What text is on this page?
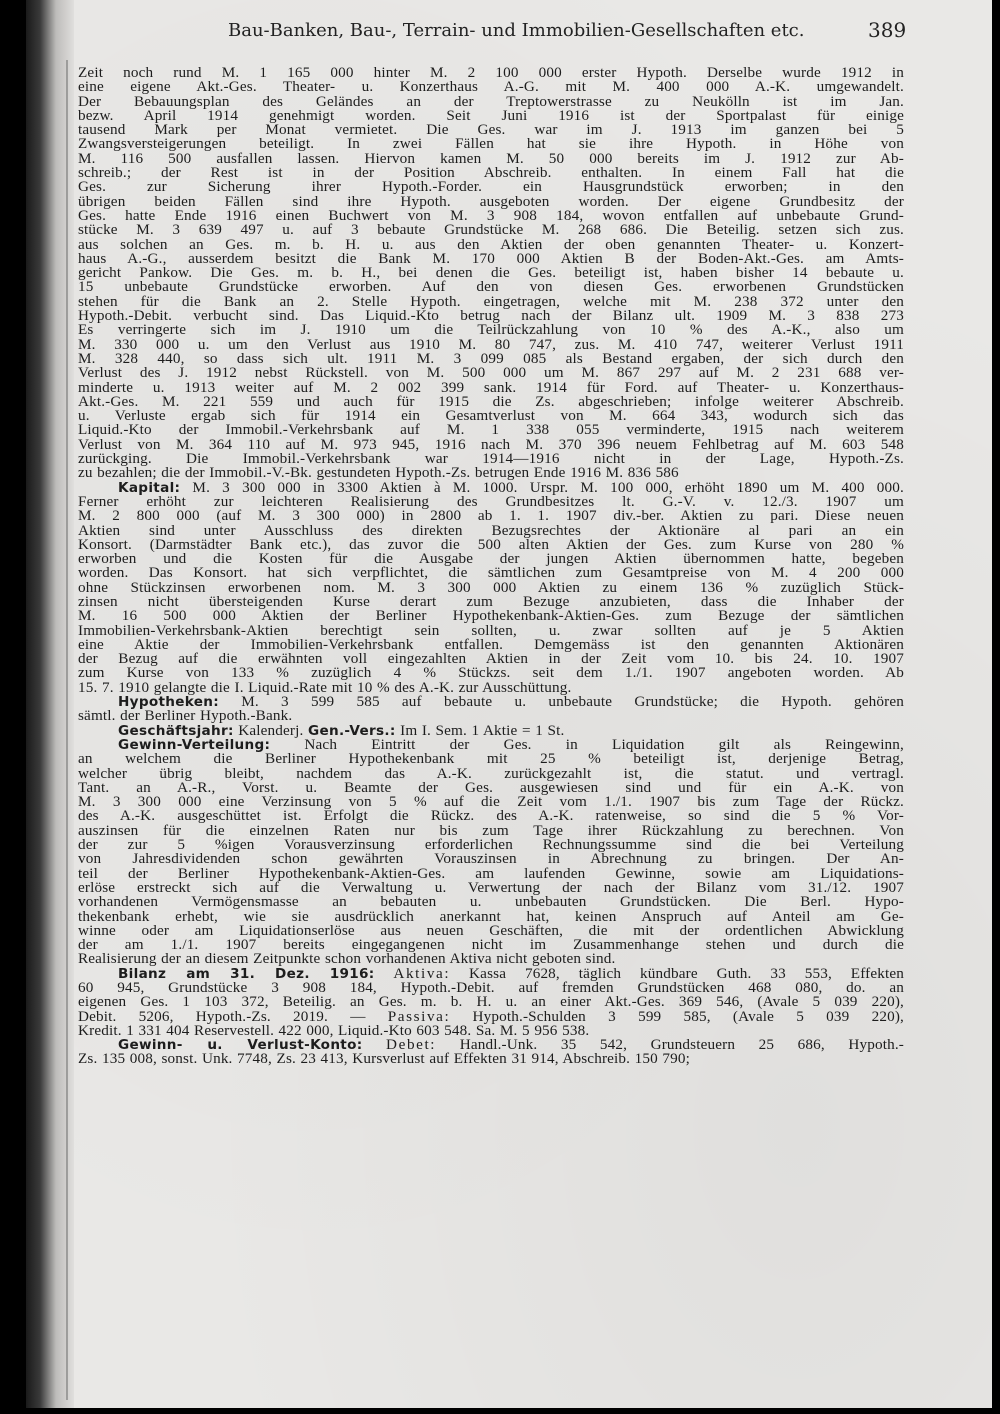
Bau-Banken, Bau-, Terrain- und Immobilien-Gesellschaften etc.	389
Zeit noch rund M. 1 165 000 hinter M. 2 100 000 erster Hypoth. Derselbe wurde 1912 in
eine eigene Akt.-Ges. Theater- u. Konzerthaus A.-G. mit M. 400 000 A.-K. umgewandelt.
Der Bebauungsplan des Geländes an der Treptowerstrasse zu Neukölln ist im Jan.
bezw. April 1914 genehmigt worden. Seit Juni 1916 ist der Sportpalast für einige
tausend Mark per Monat vermietet. Die Ges. war im J. 1913 im ganzen bei 5
Zwangsversteigerungen beteiligt. In zwei Fällen hat sie ihre Hypoth. in Höhe von
M. 116 500 ausfallen lassen. Hiervon kamen M. 50 000 bereits im J. 1912 zur Ab-
schreib.; der Rest ist in der Position Abschreib. enthalten. In einem Fall hat die
Ges. zur Sicherung ihrer Hypoth.-Forder. ein Hausgrundstück erworben; in den
übrigen beiden Fällen sind ihre Hypoth. ausgeboten worden. Der eigene Grundbesitz der
Ges. hatte Ende 1916 einen Buchwert von M. 3 908 184, wovon entfallen auf unbebaute Grund-
stücke M. 3 639 497 u. auf 3 bebaute Grundstücke M. 268 686. Die Beteilig. setzen sich zus.
aus solchen an Ges. m. b. H. u. aus den Aktien der oben genannten Theater- u. Konzert-
haus A.-G., ausserdem besitzt die Bank M. 170 000 Aktien B der Boden-Akt.-Ges. am Amts-
gericht Pankow. Die Ges. m. b. H., bei denen die Ges. beteiligt ist, haben bisher 14 bebaute u.
15 unbebaute Grundstücke erworben. Auf den von diesen Ges. erworbenen Grundstücken
stehen für die Bank an 2. Stelle Hypoth. eingetragen, welche mit M. 238 372 unter den
Hypoth.-Debit. verbucht sind. Das Liquid.-Kto betrug nach der Bilanz ult. 1909 M. 3 838 273
Es verringerte sich im J. 1910 um die Teilrückzahlung von 10 % des A.-K., also um
M. 330 000 u. um den Verlust aus 1910 M. 80 747, zus. M. 410 747, weiterer Verlust 1911
M. 328 440, so dass sich ult. 1911 M. 3 099 085 als Bestand ergaben, der sich durch den
Verlust des J. 1912 nebst Rückstell. von M. 500 000 um M. 867 297 auf M. 2 231 688 ver-
minderte u. 1913 weiter auf M. 2 002 399 sank. 1914 für Ford. auf Theater- u. Konzerthaus-
Akt.-Ges. M. 221 559 und auch für 1915 die Zs. abgeschrieben; infolge weiterer Abschreib.
u. Verluste ergab sich für 1914 ein Gesamtverlust von M. 664 343, wodurch sich das
Liquid.-Kto der Immobil.-Verkehrsbank auf M. 1 338 055 verminderte, 1915 nach weiterem
Verlust von M. 364 110 auf M. 973 945, 1916 nach M. 370 396 neuem Fehlbetrag auf M. 603 548
zurückging. Die Immobil.-Verkehrsbank war 1914—1916 nicht in der Lage, Hypoth.-Zs.
zu bezahlen; die der Immobil.-V.-Bk. gestundeten Hypoth.-Zs. betrugen Ende 1916 M. 836 586
Kapital: M. 3 300 000 in 3300 Aktien à M. 1000. Urspr. M. 100 000, erhöht 1890 um M. 400 000.
Ferner erhöht zur leichteren Realisierung des Grundbesitzes lt. G.-V. v. 12./3. 1907 um
M. 2 800 000 (auf M. 3 300 000) in 2800 ab 1. 1. 1907 div.-ber. Aktien zu pari. Diese neuen
Aktien sind unter Ausschluss des direkten Bezugsrechtes der Aktionäre al pari an ein
Konsort. (Darmstädter Bank etc.), das zuvor die 500 alten Aktien der Ges. zum Kurse von 280 %
erworben und die Kosten für die Ausgabe der jungen Aktien übernommen hatte, begeben
worden. Das Konsort. hat sich verpflichtet, die sämtlichen zum Gesamtpreise von M. 4 200 000
ohne Stückzinsen erworbenen nom. M. 3 300 000 Aktien zu einem 136 % zuzüglich Stück-
zinsen nicht übersteigenden Kurse derart zum Bezuge anzubieten, dass die Inhaber der
M. 16 500 000 Aktien der Berliner Hypothekenbank-Aktien-Ges. zum Bezuge der sämtlichen
Immobilien-Verkehrsbank-Aktien berechtigt sein sollten, u. zwar sollten auf je 5 Aktien
eine Aktie der Immobilien-Verkehrsbank entfallen. Demgemäss ist den genannten Aktionären
der Bezug auf die erwähnten voll eingezahlten Aktien in der Zeit vom 10. bis 24. 10. 1907
zum Kurse von 133 % zuzüglich 4 % Stückzs. seit dem 1./1. 1907 angeboten worden. Ab
15. 7. 1910 gelangte die I. Liquid.-Rate mit 10 % des A.-K. zur Ausschüttung.
Hypotheken: M. 3 599 585 auf bebaute u. unbebaute Grundstücke; die Hypoth. gehören
sämtl. der Berliner Hypoth.-Bank.
Geschäftsjahr: Kalenderj. Gen.-Vers.: Im I. Sem. 1 Aktie = 1 St.
Gewinn-Verteilung: Nach Eintritt der Ges. in Liquidation gilt als Reingewinn,
an welchem die Berliner Hypothekenbank mit 25 % beteiligt ist, derjenige Betrag,
welcher übrig bleibt, nachdem das A.-K. zurückgezahlt ist, die statut. und vertragl.
Tant. an A.-R., Vorst. u. Beamte der Ges. ausgewiesen sind und für ein A.-K. von
M. 3 300 000 eine Verzinsung von 5 % auf die Zeit vom 1./1. 1907 bis zum Tage der Rückz.
des A.-K. ausgeschüttet ist. Erfolgt die Rückz. des A.-K. ratenweise, so sind die 5 % Vor-
auszinsen für die einzelnen Raten nur bis zum Tage ihrer Rückzahlung zu berechnen. Von
der zur 5 %igen Vorausverzinsung erforderlichen Rechnungssumme sind die bei Verteilung
von Jahresdividenden schon gewährten Vorauszinsen in Abrechnung zu bringen. Der An-
teil der Berliner Hypothekenbank-Aktien-Ges. am laufenden Gewinne, sowie am Liquidations-
erlöse erstreckt sich auf die Verwaltung u. Verwertung der nach der Bilanz vom 31./12. 1907
vorhandenen Vermögensmasse an bebauten u. unbebauten Grundstücken. Die Berl. Hypo-
thekenbank erhebt, wie sie ausdrücklich anerkannt hat, keinen Anspruch auf Anteil am Ge-
winne oder am Liquidationserlöse aus neuen Geschäften, die mit der ordentlichen Abwicklung
der am 1./1. 1907 bereits eingegangenen nicht im Zusammenhange stehen und durch die
Realisierung der an diesem Zeitpunkte schon vorhandenen Aktiva nicht geboten sind.
Bilanz am 31. Dez. 1916: Aktiva: Kassa 7628, täglich kündbare Guth. 33 553, Effekten
60 945, Grundstücke 3 908 184, Hypoth.-Debit. auf fremden Grundstücken 468 080, do. an
eigenen Ges. 1 103 372, Beteilig. an Ges. m. b. H. u. an einer Akt.-Ges. 369 546, (Avale 5 039 220),
Debit. 5206, Hypoth.-Zs. 2019. — Passiva: Hypoth.-Schulden 3 599 585, (Avale 5 039 220),
Kredit. 1 331 404 Reservestell. 422 000, Liquid.-Kto 603 548. Sa. M. 5 956 538.
Gewinn- u. Verlust-Konto: Debet: Handl.-Unk. 35 542, Grundsteuern 25 686, Hypoth.-
Zs. 135 008, sonst. Unk. 7748, Zs. 23 413, Kursverlust auf Effekten 31 914, Abschreib. 150 790;
